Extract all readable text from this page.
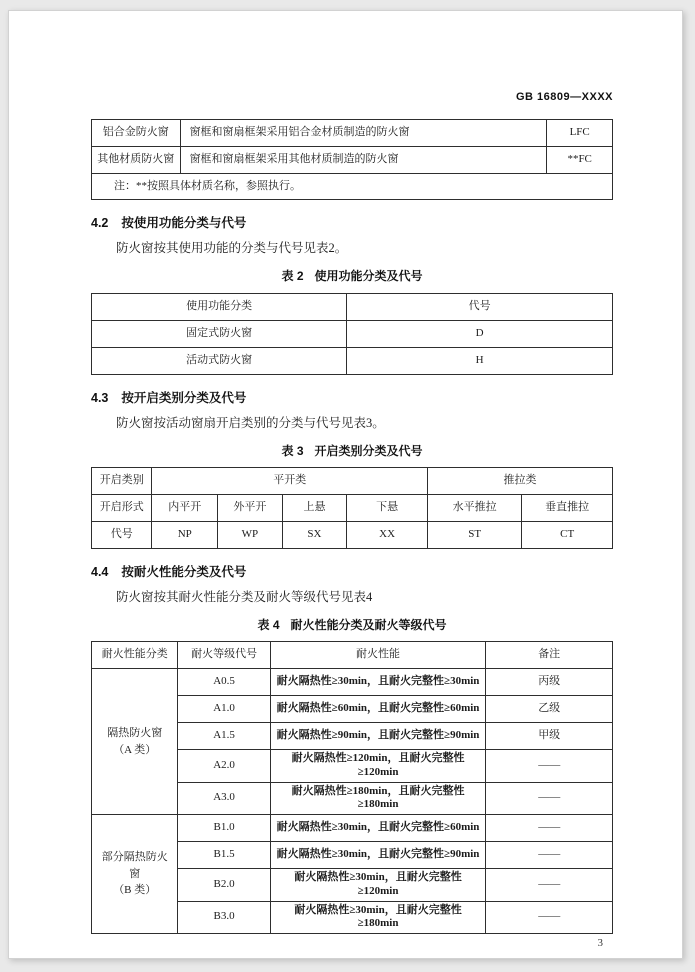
GB 16809—XXXX
铝合金防火窗	窗框和窗扇框架采用铝合金材质制造的防火窗	LFC
其他材质防火窗	窗框和窗扇框架采用其他材质制造的防火窗	**FC
注：**按照具体材质名称，参照执行。		
4.2 按使用功能分类与代号

防火窗按其使用功能的分类与代号见表2。

表 2 使用功能分类及代号
使用功能分类	代号
固定式防火窗	D
活动式防火窗	H
4.3 按开启类别分类及代号

防火窗按活动窗扇开启类别的分类与代号见表3。

表 3 开启类别分类及代号
开启类别	平开类				推拉类	
开启形式	内平开	外平开	上悬	下悬	水平推拉	垂直推拉
代号	NP	WP	SX	XX	ST	CT
4.4 按耐火性能分类及代号

防火窗按其耐火性能分类及耐火等级代号见表4

表 4 耐火性能分类及耐火等级代号
耐火性能分类	耐火等级代号	耐火性能	备注

隔热防火窗
（A 类）	A0.5	耐火隔热性≥30min，且耐火完整性≥30min	丙级
	A1.0	耐火隔热性≥60min，且耐火完整性≥60min	乙级
	A1.5	耐火隔热性≥90min，且耐火完整性≥90min	甲级
	A2.0	耐火隔热性≥120min，且耐火完整性≥120min	——
	A3.0	耐火隔热性≥180min，且耐火完整性≥180min	——

部分隔热防火窗
（B 类）	B1.0	耐火隔热性≥30min，且耐火完整性≥60min	——
	B1.5	耐火隔热性≥30min，且耐火完整性≥90min	——
	B2.0	耐火隔热性≥30min，且耐火完整性≥120min	——
	B3.0	耐火隔热性≥30min，且耐火完整性≥180min	——
3
